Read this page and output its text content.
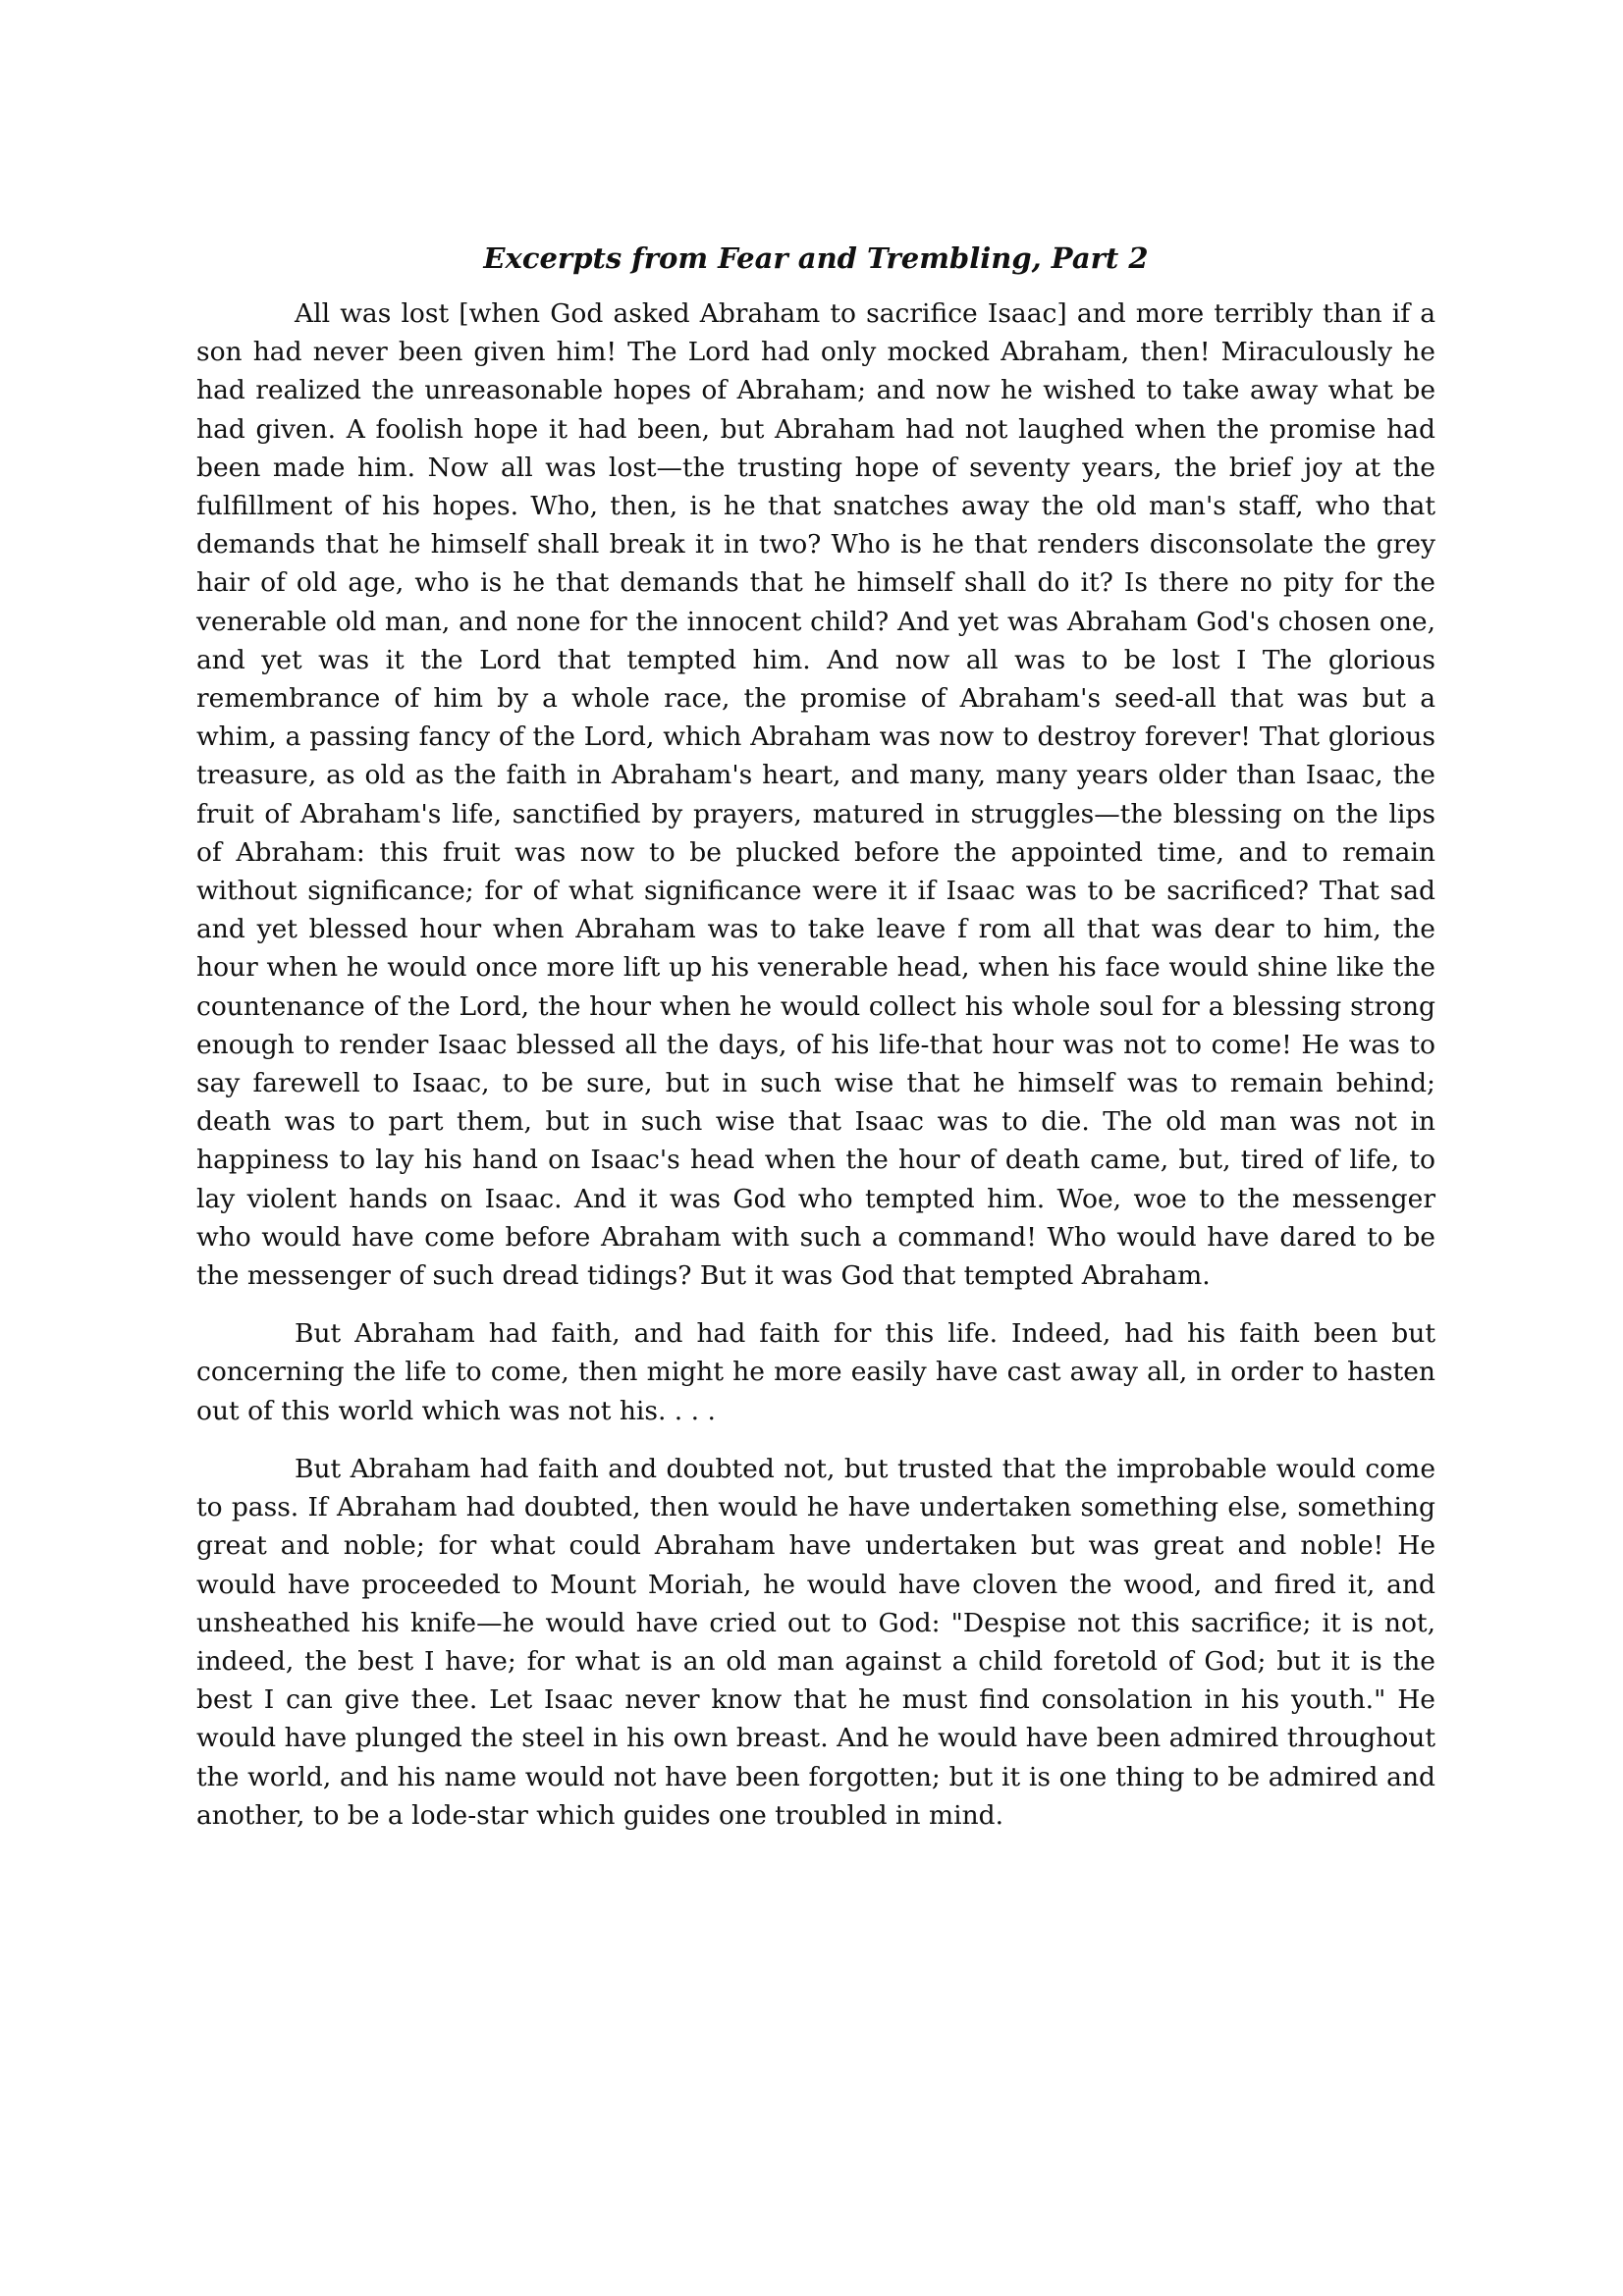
Excerpts from Fear and Trembling, Part 2

All was lost [when God asked Abraham to sacrifice Isaac] and more terribly than if a son had never been given him! The Lord had only mocked Abraham, then! Miraculously he had realized the unreasonable hopes of Abraham; and now he wished to take away what be had given. A foolish hope it had been, but Abraham had not laughed when the promise had been made him. Now all was lost—the trusting hope of seventy years, the brief joy at the fulfillment of his hopes. Who, then, is he that snatches away the old man's staff, who that demands that he himself shall break it in two? Who is he that renders disconsolate the grey hair of old age, who is he that demands that he himself shall do it? Is there no pity for the venerable old man, and none for the innocent child? And yet was Abraham God's chosen one, and yet was it the Lord that tempted him. And now all was to be lost I The glorious remembrance of him by a whole race, the promise of Abraham's seed-all that was but a whim, a passing fancy of the Lord, which Abraham was now to destroy forever! That glorious treasure, as old as the faith in Abraham's heart, and many, many years older than Isaac, the fruit of Abraham's life, sanctified by prayers, matured in struggles—the blessing on the lips of Abraham: this fruit was now to be plucked before the appointed time, and to remain without significance; for of what significance were it if Isaac was to be sacrificed? That sad and yet blessed hour when Abraham was to take leave f rom all that was dear to him, the hour when he would once more lift up his venerable head, when his face would shine like the countenance of the Lord, the hour when he would collect his whole soul for a blessing strong enough to render Isaac blessed all the days, of his life-that hour was not to come! He was to say farewell to Isaac, to be sure, but in such wise that he himself was to remain behind; death was to part them, but in such wise that Isaac was to die. The old man was not in happiness to lay his hand on Isaac's head when the hour of death came, but, tired of life, to lay violent hands on Isaac. And it was God who tempted him. Woe, woe to the messenger who would have come before Abraham with such a command! Who would have dared to be the messenger of such dread tidings? But it was God that tempted Abraham.

But Abraham had faith, and had faith for this life. Indeed, had his faith been but concerning the life to come, then might he more easily have cast away all, in order to hasten out of this world which was not his. . . .

But Abraham had faith and doubted not, but trusted that the improbable would come to pass. If Abraham had doubted, then would he have undertaken something else, something great and noble; for what could Abraham have undertaken but was great and noble! He would have proceeded to Mount Moriah, he would have cloven the wood, and fired it, and unsheathed his knife—he would have cried out to God: "Despise not this sacrifice; it is not, indeed, the best I have; for what is an old man against a child foretold of God; but it is the best I can give thee. Let Isaac never know that he must find consolation in his youth." He would have plunged the steel in his own breast. And he would have been admired throughout the world, and his name would not have been forgotten; but it is one thing to be admired and another, to be a lode-star which guides one troubled in mind.
